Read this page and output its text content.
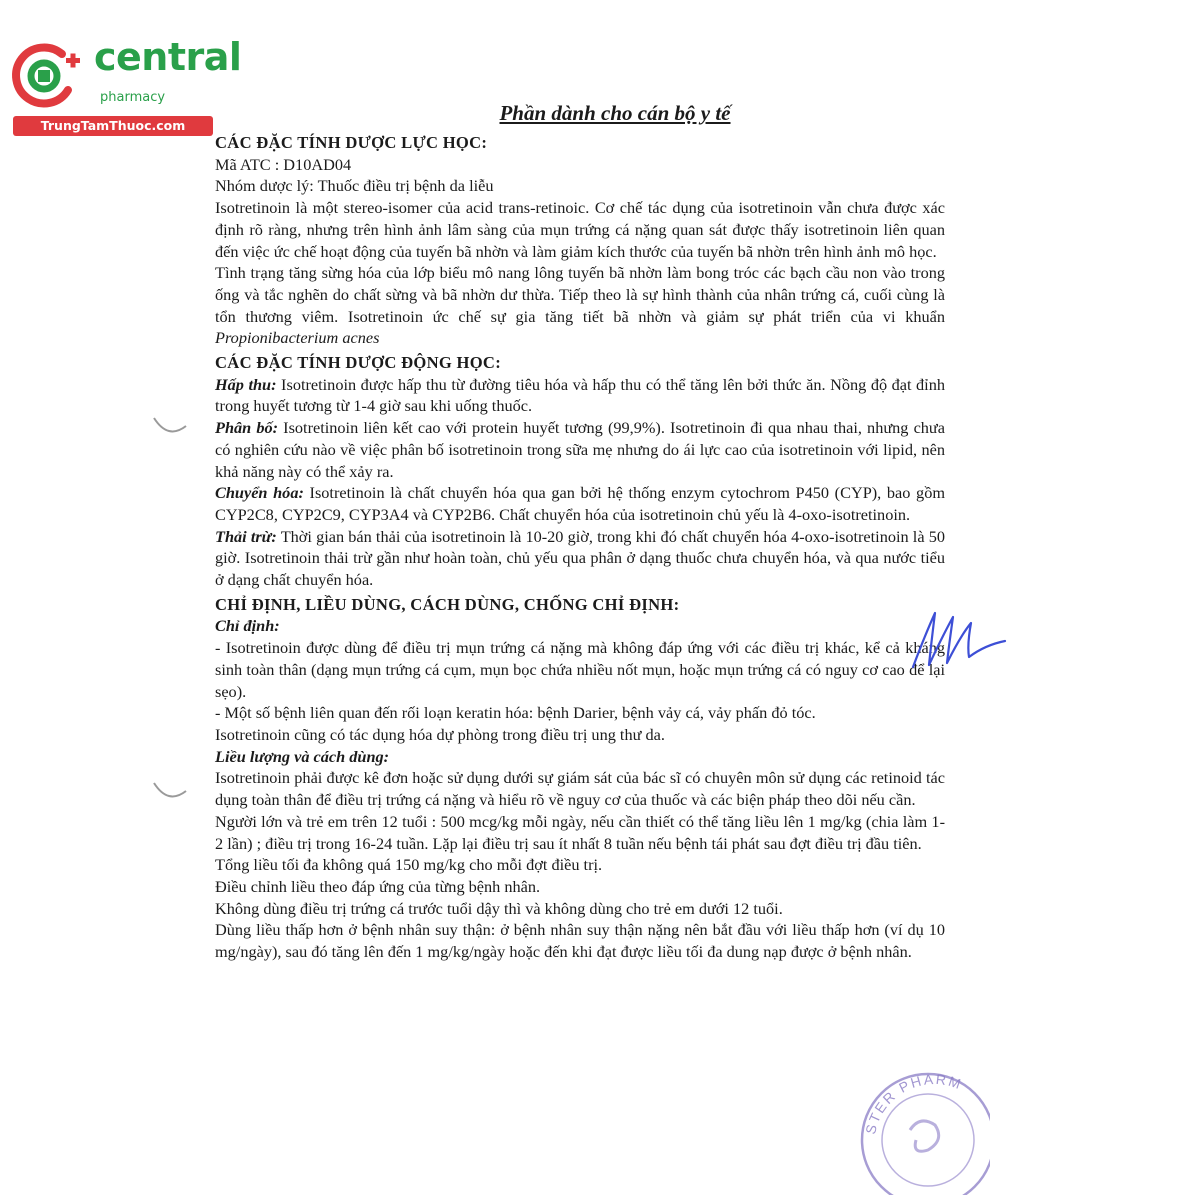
central
pharmacy
TrungTamThuoc.com
Phần dành cho cán bộ y tế
CÁC ĐẶC TÍNH DƯỢC LỰC HỌC:
Mã ATC : D10AD04
Nhóm dược lý: Thuốc điều trị bệnh da liễu
Isotretinoin là một stereo-isomer của acid trans-retinoic. Cơ chế tác dụng của isotretinoin vẫn chưa được xác định rõ ràng, nhưng trên hình ảnh lâm sàng của mụn trứng cá nặng quan sát được thấy isotretinoin liên quan đến việc ức chế hoạt động của tuyến bã nhờn và làm giảm kích thước của tuyến bã nhờn trên hình ảnh mô học.
Tình trạng tăng sừng hóa của lớp biểu mô nang lông tuyến bã nhờn làm bong tróc các bạch cầu non vào trong ống và tắc nghẽn do chất sừng và bã nhờn dư thừa. Tiếp theo là sự hình thành của nhân trứng cá, cuối cùng là tổn thương viêm. Isotretinoin ức chế sự gia tăng tiết bã nhờn và giảm sự phát triển của vi khuẩn Propionibacterium acnes
CÁC ĐẶC TÍNH DƯỢC ĐỘNG HỌC:
Hấp thu: Isotretinoin được hấp thu từ đường tiêu hóa và hấp thu có thể tăng lên bởi thức ăn. Nồng độ đạt đỉnh trong huyết tương từ 1-4 giờ sau khi uống thuốc.
Phân bố: Isotretinoin liên kết cao với protein huyết tương (99,9%). Isotretinoin đi qua nhau thai, nhưng chưa có nghiên cứu nào về việc phân bố isotretinoin trong sữa mẹ nhưng do ái lực cao của isotretinoin với lipid, nên khả năng này có thể xảy ra.
Chuyển hóa: Isotretinoin là chất chuyển hóa qua gan bởi hệ thống enzym cytochrom P450 (CYP), bao gồm CYP2C8, CYP2C9, CYP3A4 và CYP2B6. Chất chuyển hóa của isotretinoin chủ yếu là 4-oxo-isotretinoin.
Thải trừ: Thời gian bán thải của isotretinoin là 10-20 giờ, trong khi đó chất chuyển hóa 4-oxo-isotretinoin là 50 giờ. Isotretinoin thải trừ gần như hoàn toàn, chủ yếu qua phân ở dạng thuốc chưa chuyển hóa, và qua nước tiểu ở dạng chất chuyển hóa.
CHỈ ĐỊNH, LIỀU DÙNG, CÁCH DÙNG, CHỐNG CHỈ ĐỊNH:
Chỉ định:
- Isotretinoin được dùng để điều trị mụn trứng cá nặng mà không đáp ứng với các điều trị khác, kể cả kháng sinh toàn thân (dạng mụn trứng cá cụm, mụn bọc chứa nhiều nốt mụn, hoặc mụn trứng cá có nguy cơ cao để lại sẹo).
- Một số bệnh liên quan đến rối loạn keratin hóa: bệnh Darier, bệnh vảy cá, vảy phấn đỏ tóc.
Isotretinoin cũng có tác dụng hóa dự phòng trong điều trị ung thư da.
Liều lượng và cách dùng:
Isotretinoin phải được kê đơn hoặc sử dụng dưới sự giám sát của bác sĩ có chuyên môn sử dụng các retinoid tác dụng toàn thân để điều trị trứng cá nặng và hiểu rõ về nguy cơ của thuốc và các biện pháp theo dõi nếu cần.
Người lớn và trẻ em trên 12 tuổi : 500 mcg/kg mỗi ngày, nếu cần thiết có thể tăng liều lên 1 mg/kg (chia làm 1-2 lần) ; điều trị trong 16-24 tuần. Lặp lại điều trị sau ít nhất 8 tuần nếu bệnh tái phát sau đợt điều trị đầu tiên.
Tổng liều tối đa không quá 150 mg/kg cho mỗi đợt điều trị.
Điều chỉnh liều theo đáp ứng của từng bệnh nhân.
Không dùng điều trị trứng cá trước tuổi dậy thì và không dùng cho trẻ em dưới 12 tuổi.
Dùng liều thấp hơn ở bệnh nhân suy thận: ở bệnh nhân suy thận nặng nên bắt đầu với liều thấp hơn (ví dụ 10 mg/ngày), sau đó tăng lên đến 1 mg/kg/ngày hoặc đến khi đạt được liều tối đa dung nạp được ở bệnh nhân.
STER PHARM
